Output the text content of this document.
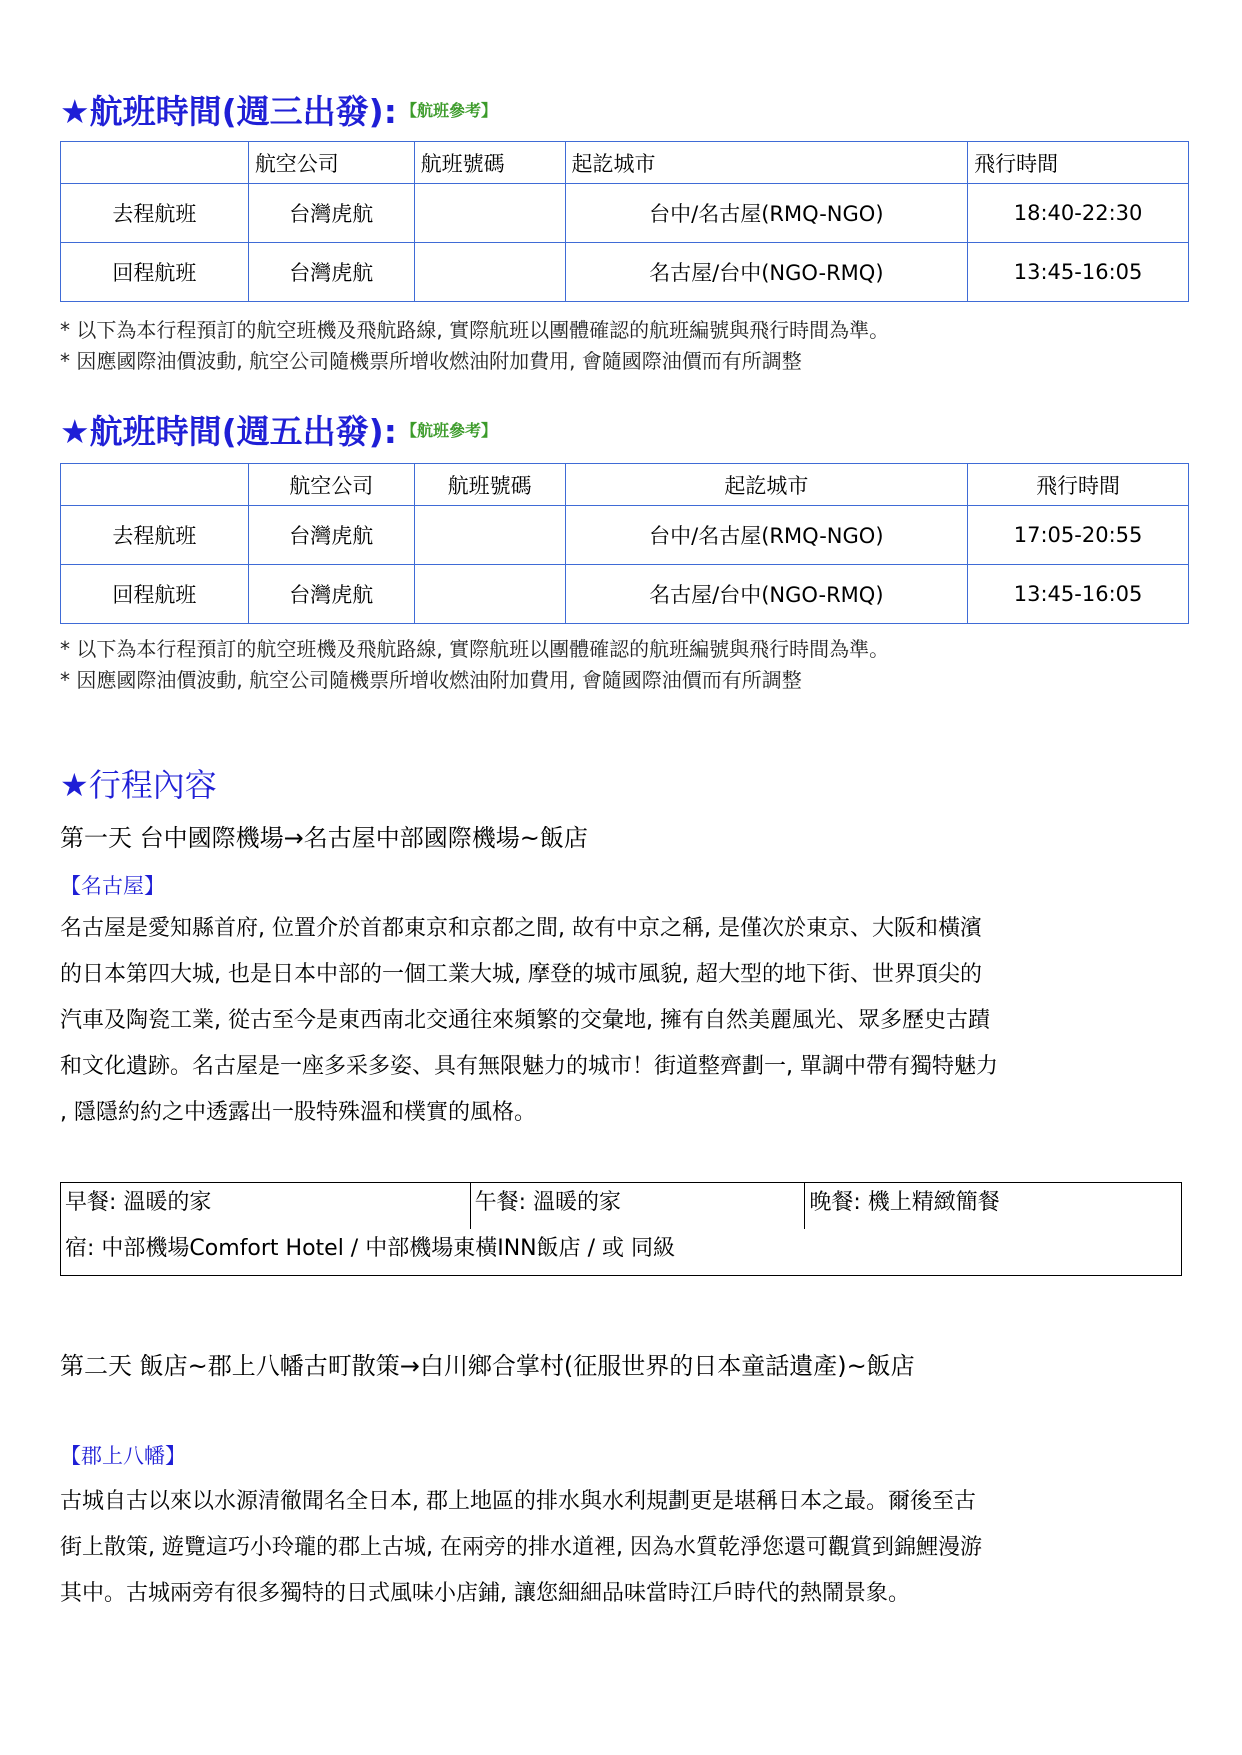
★航班時間(週三出發): 【航班參考】
	航空公司	航班號碼	起訖城市	飛行時間
去程航班	台灣虎航		台中/名古屋(RMQ-NGO)	18:40-22:30
回程航班	台灣虎航		名古屋/台中(NGO-RMQ)	13:45-16:05
* 以下為本行程預訂的航空班機及飛航路線, 實際航班以團體確認的航班編號與飛行時間為準。
* 因應國際油價波動, 航空公司隨機票所增收燃油附加費用, 會隨國際油價而有所調整
★航班時間(週五出發): 【航班參考】
	航空公司	航班號碼	起訖城市	飛行時間
去程航班	台灣虎航		台中/名古屋(RMQ-NGO)	17:05-20:55
回程航班	台灣虎航		名古屋/台中(NGO-RMQ)	13:45-16:05
* 以下為本行程預訂的航空班機及飛航路線, 實際航班以團體確認的航班編號與飛行時間為準。
* 因應國際油價波動, 航空公司隨機票所增收燃油附加費用, 會隨國際油價而有所調整
★行程內容
第一天 台中國際機場→名古屋中部國際機場~飯店
【名古屋】
名古屋是愛知縣首府, 位置介於首都東京和京都之間, 故有中京之稱, 是僅次於東京、大阪和橫濱
的日本第四大城, 也是日本中部的一個工業大城, 摩登的城市風貌, 超大型的地下街、世界頂尖的
汽車及陶瓷工業, 從古至今是東西南北交通往來頻繁的交彙地, 擁有自然美麗風光、眾多歷史古蹟
和文化遺跡。名古屋是一座多采多姿、具有無限魅力的城市！街道整齊劃一, 單調中帶有獨特魅力
, 隱隱約約之中透露出一股特殊溫和樸實的風格。
早餐: 溫暖的家	午餐: 溫暖的家	晚餐: 機上精緻簡餐
宿: 中部機場Comfort Hotel / 中部機場東橫INN飯店 / 或 同級
第二天 飯店~郡上八幡古町散策→白川鄉合掌村(征服世界的日本童話遺產)~飯店
【郡上八幡】
古城自古以來以水源清徹聞名全日本, 郡上地區的排水與水利規劃更是堪稱日本之最。爾後至古
街上散策, 遊覽這巧小玲瓏的郡上古城, 在兩旁的排水道裡, 因為水質乾淨您還可觀賞到錦鯉漫游
其中。古城兩旁有很多獨特的日式風味小店鋪, 讓您細細品味當時江戶時代的熱鬧景象。
